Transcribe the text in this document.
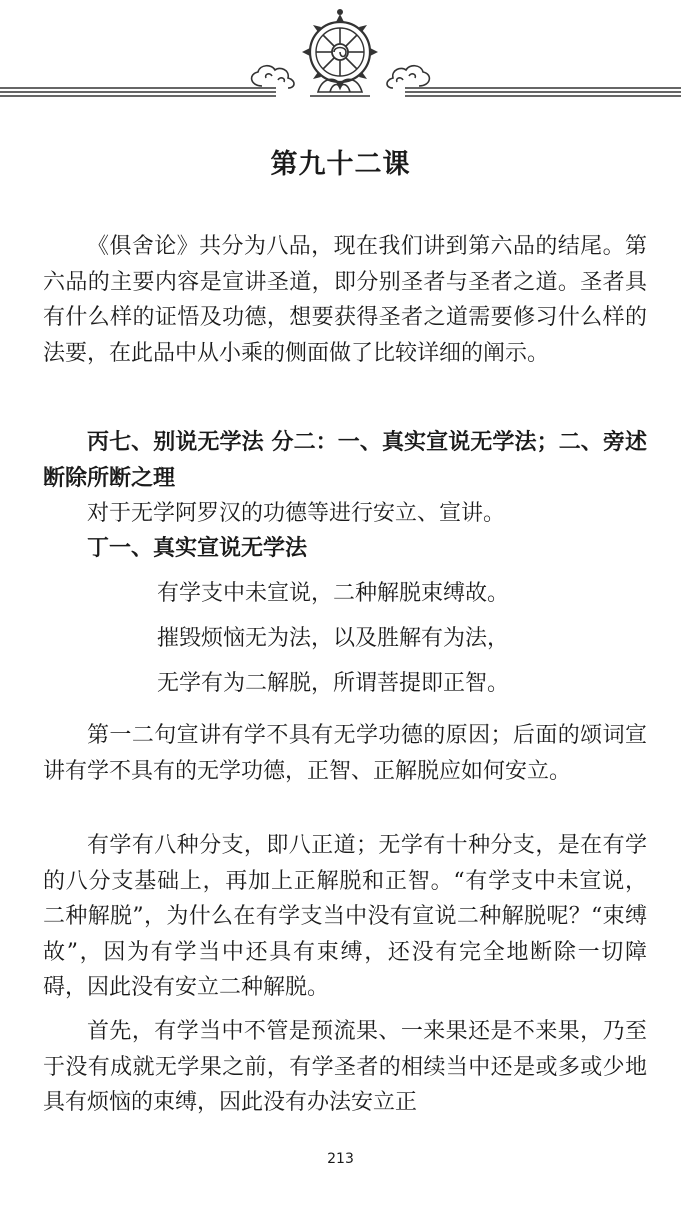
第九十二课

《俱舍论》共分为八品，现在我们讲到第六品的结尾。第六品的主要内容是宣讲圣道，即分别圣者与圣者之道。圣者具有什么样的证悟及功德，想要获得圣者之道需要修习什么样的法要，在此品中从小乘的侧面做了比较详细的阐示。

丙七、别说无学法 分二：一、真实宣说无学法；二、旁述断除所断之理

对于无学阿罗汉的功德等进行安立、宣讲。

丁一、真实宣说无学法

有学支中未宣说，二种解脱束缚故。
摧毁烦恼无为法，以及胜解有为法，
无学有为二解脱，所谓菩提即正智。

第一二句宣讲有学不具有无学功德的原因；后面的颂词宣讲有学不具有的无学功德，正智、正解脱应如何安立。

有学有八种分支，即八正道；无学有十种分支，是在有学的八分支基础上，再加上正解脱和正智。“有学支中未宣说，二种解脱”，为什么在有学支当中没有宣说二种解脱呢？“束缚故”，因为有学当中还具有束缚，还没有完全地断除一切障碍，因此没有安立二种解脱。

首先，有学当中不管是预流果、一来果还是不来果，乃至于没有成就无学果之前，有学圣者的相续当中还是或多或少地具有烦恼的束缚，因此没有办法安立正

213
